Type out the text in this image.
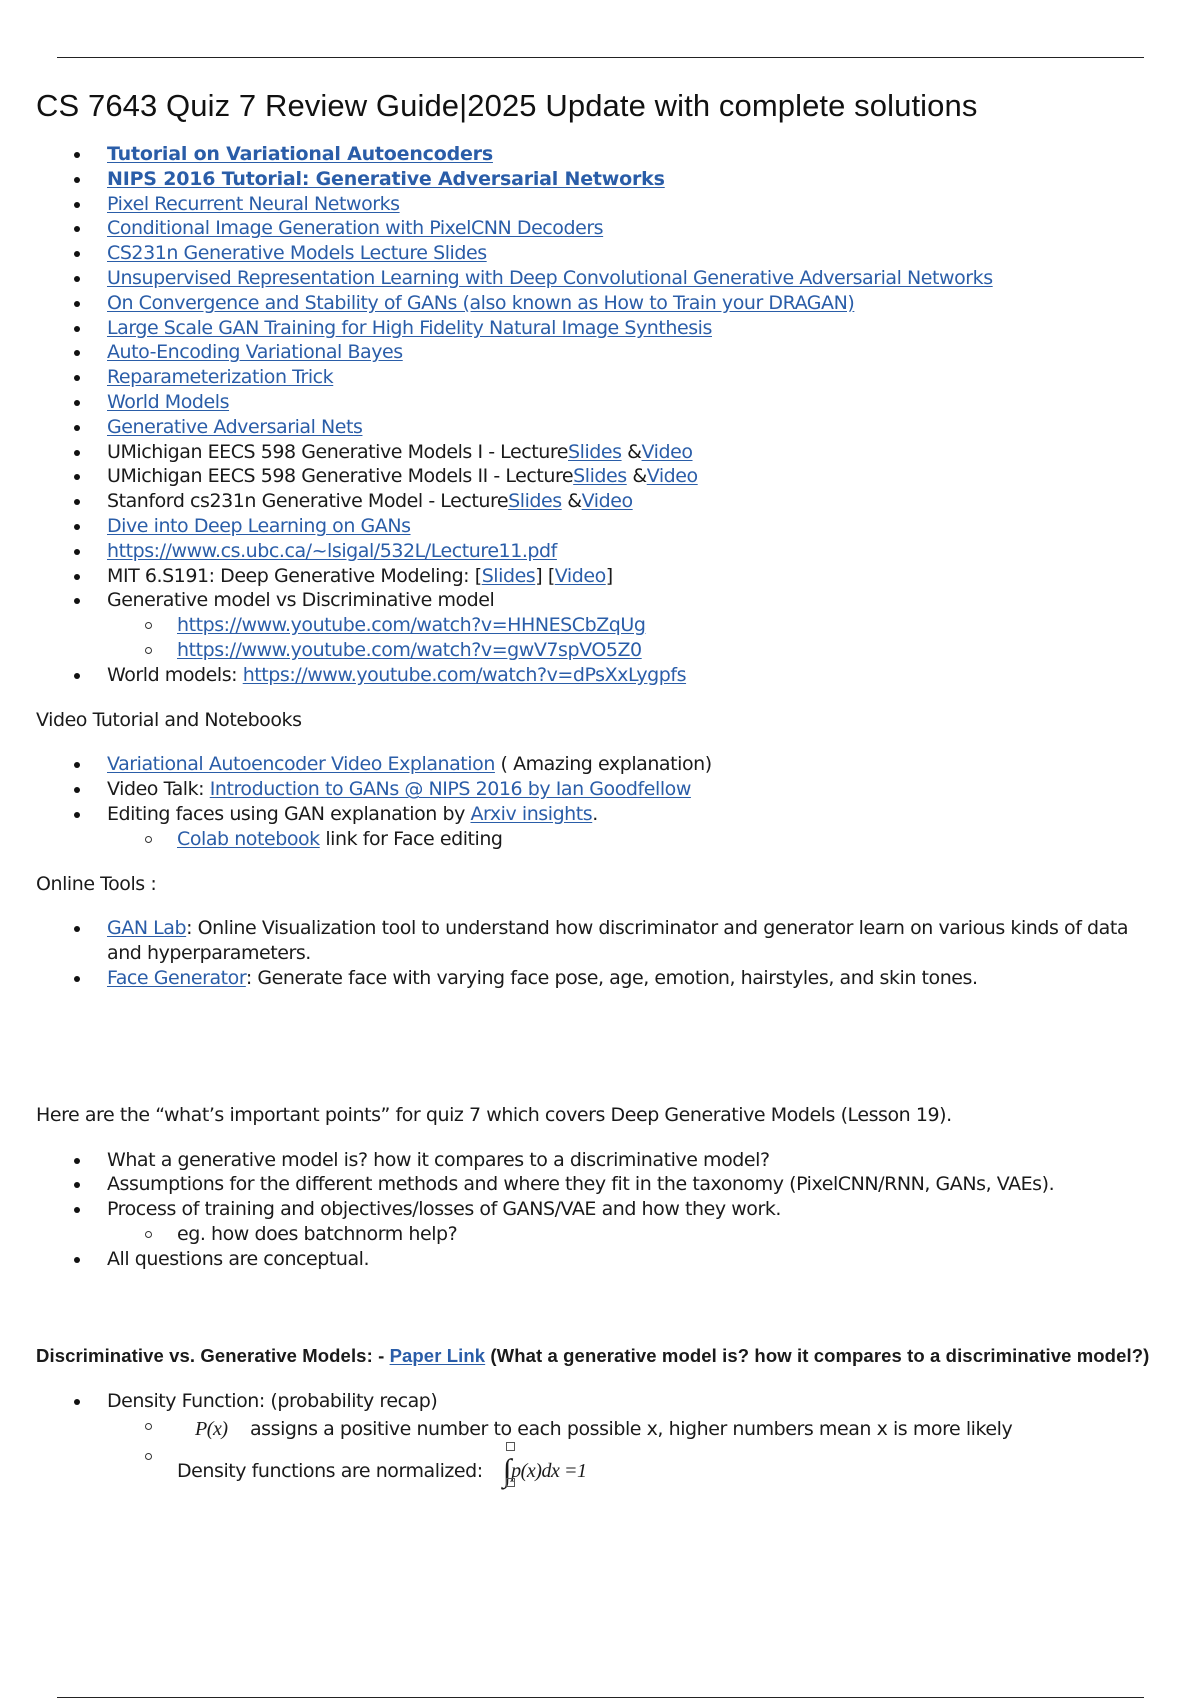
CS 7643 Quiz 7 Review Guide|2025 Update with complete solutions
Tutorial on Variational Autoencoders
NIPS 2016 Tutorial: Generative Adversarial Networks
Pixel Recurrent Neural Networks
Conditional Image Generation with PixelCNN Decoders
CS231n Generative Models Lecture Slides
Unsupervised Representation Learning with Deep Convolutional Generative Adversarial Networks
On Convergence and Stability of GANs (also known as How to Train your DRAGAN)
Large Scale GAN Training for High Fidelity Natural Image Synthesis
Auto-Encoding Variational Bayes
Reparameterization Trick
World Models
Generative Adversarial Nets
UMichigan EECS 598 Generative Models I - LectureSlides &Video
UMichigan EECS 598 Generative Models II - LectureSlides &Video
Stanford cs231n Generative Model - LectureSlides &Video
Dive into Deep Learning on GANs
https://www.cs.ubc.ca/~lsigal/532L/Lecture11.pdf
MIT 6.S191: Deep Generative Modeling: [Slides] [Video]
Generative model vs Discriminative model
https://www.youtube.com/watch?v=HHNESCbZqUg
https://www.youtube.com/watch?v=gwV7spVO5Z0
World models: https://www.youtube.com/watch?v=dPsXxLygpfs

Video Tutorial and Notebooks

Variational Autoencoder Video Explanation ( Amazing explanation)
Video Talk: Introduction to GANs @ NIPS 2016 by Ian Goodfellow
Editing faces using GAN explanation by Arxiv insights.
Colab notebook link for Face editing

Online Tools :

GAN Lab: Online Visualization tool to understand how discriminator and generator learn on various kinds of data and hyperparameters.
Face Generator: Generate face with varying face pose, age, emotion, hairstyles, and skin tones.

Here are the “what’s important points” for quiz 7 which covers Deep Generative Models (Lesson 19).

What a generative model is? how it compares to a discriminative model?
Assumptions for the different methods and where they fit in the taxonomy (PixelCNN/RNN, GANs, VAEs).
Process of training and objectives/losses of GANS/VAE and how they work.
eg. how does batchnorm help?
All questions are conceptual.

Discriminative vs. Generative Models: - Paper Link (What a generative model is? how it compares to a discriminative model?)

Density Function: (probability recap)
P(x) assigns a positive number to each possible x, higher numbers mean x is more likely
Density functions are normalized: ∫p(x)dx =1
